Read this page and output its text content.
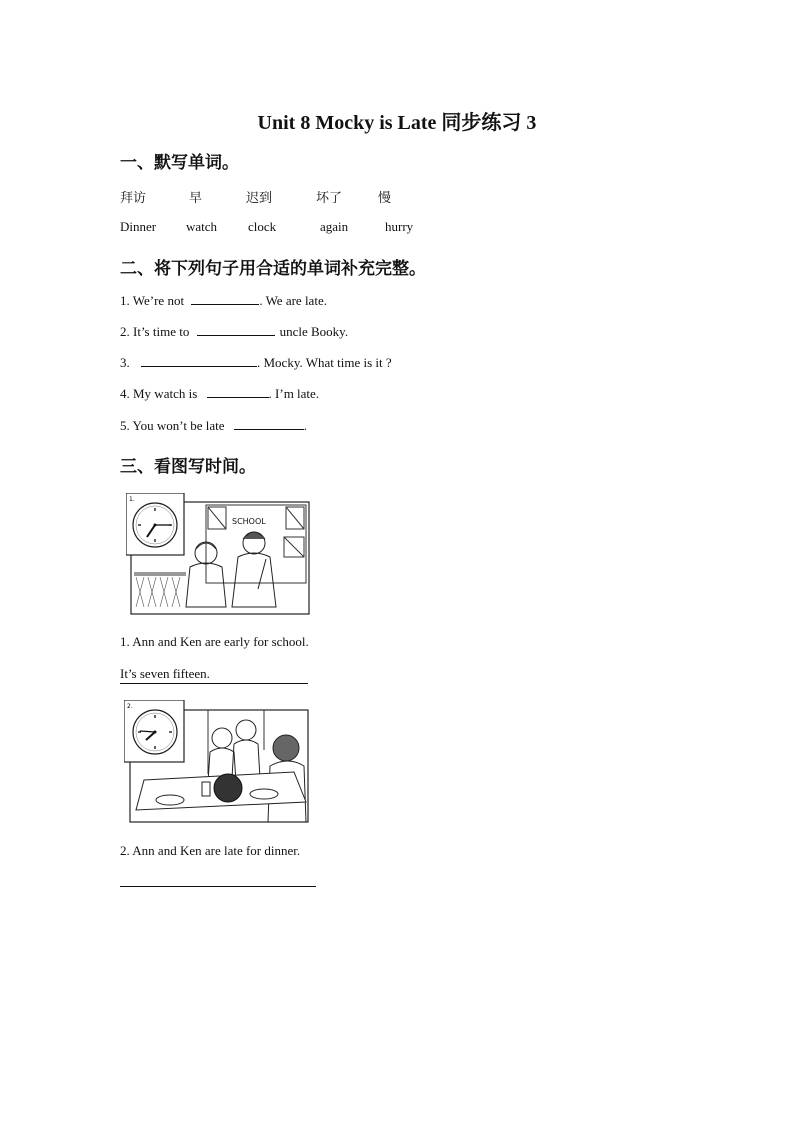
Unit 8 Mocky is Late 同步练习 3
一、默写单词。
拜访	早	迟到	坏了	慢
Dinner watch clock	again	hurry
二、将下列句子用合适的单词补充完整。
1. We’re not	. We are late.
2. It’s time to	uncle Booky.
3.	. Mocky. What time is it ?
4. My watch is	. I’m late.
5. You won’t be late	.
三、看图写时间。
SCHOOL
1.
1. Ann and Ken are early for school.
It’s seven fifteen.
2.
2. Ann and Ken are late for dinner.
